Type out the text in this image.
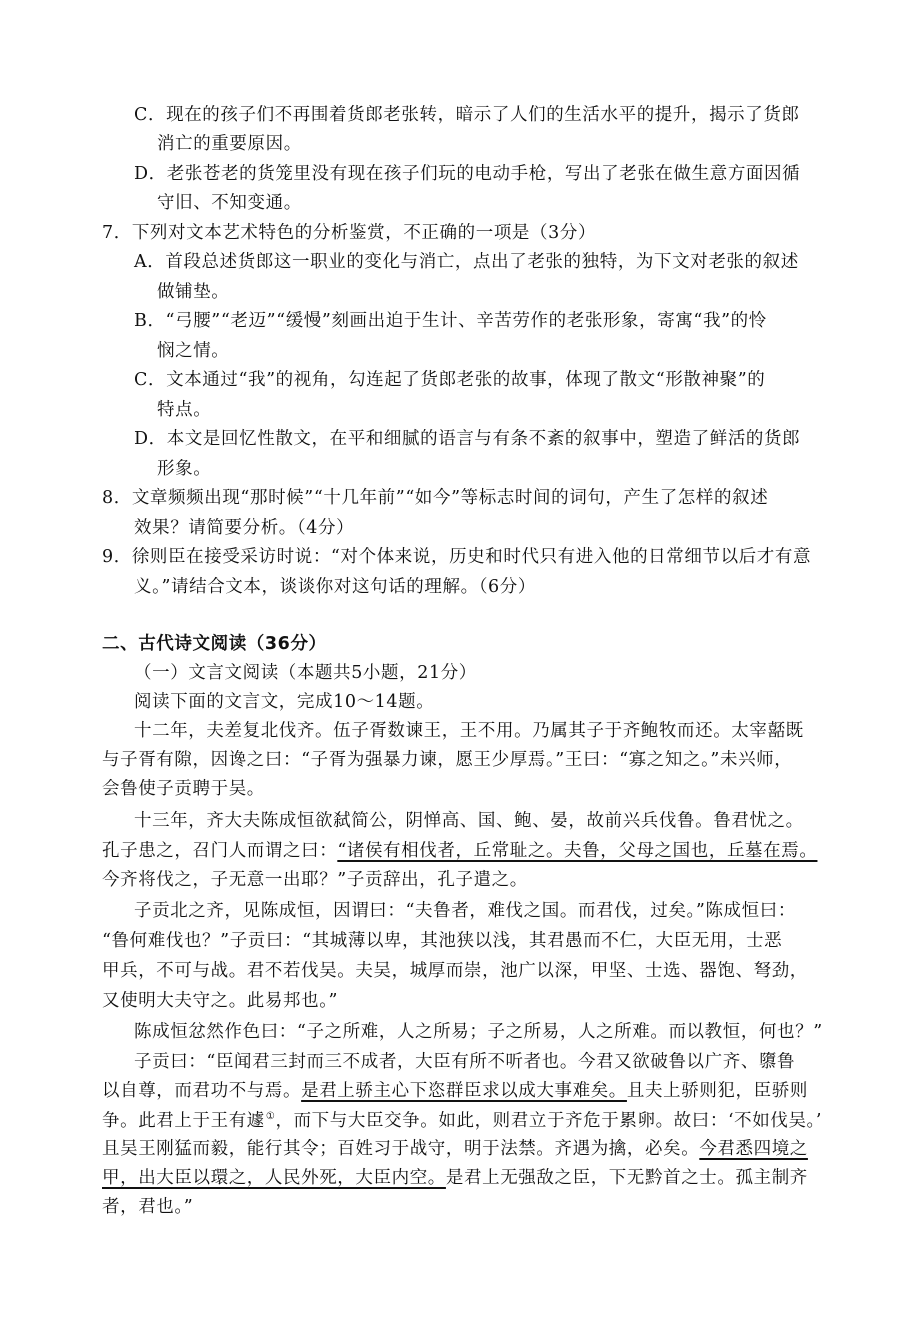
C．现在的孩子们不再围着货郎老张转，暗示了人们的生活水平的提升，揭示了货郎
消亡的重要原因。
D．老张苍老的货笼里没有现在孩子们玩的电动手枪，写出了老张在做生意方面因循
守旧、不知变通。
7．下列对文本艺术特色的分析鉴赏，不正确的一项是（3分）
A．首段总述货郎这一职业的变化与消亡，点出了老张的独特，为下文对老张的叙述
做铺垫。
B．“弓腰”“老迈”“缓慢”刻画出迫于生计、辛苦劳作的老张形象，寄寓“我”的怜
悯之情。
C．文本通过“我”的视角，勾连起了货郎老张的故事，体现了散文“形散神聚”的
特点。
D．本文是回忆性散文，在平和细腻的语言与有条不紊的叙事中，塑造了鲜活的货郎
形象。
8．文章频频出现“那时候”“十几年前”“如今”等标志时间的词句，产生了怎样的叙述
效果？请简要分析。（4分）
9．徐则臣在接受采访时说：“对个体来说，历史和时代只有进入他的日常细节以后才有意
义。”请结合文本，谈谈你对这句话的理解。（6分）
二、古代诗文阅读（36分）
（一）文言文阅读（本题共5小题，21分）
阅读下面的文言文，完成10～14题。
十二年，夫差复北伐齐。伍子胥数谏王，王不用。乃属其子于齐鲍牧而还。太宰嚭既
与子胥有隙，因谗之曰：“子胥为强暴力谏，愿王少厚焉。”王曰：“寡之知之。”未兴师，
会鲁使子贡聘于吴。
十三年，齐大夫陈成恒欲弑简公，阴惮高、国、鲍、晏，故前兴兵伐鲁。鲁君忧之。
孔子患之，召门人而谓之曰：“诸侯有相伐者，丘常耻之。夫鲁，父母之国也，丘墓在焉。
今齐将伐之，子无意一出耶？”子贡辞出，孔子遣之。
子贡北之齐，见陈成恒，因谓曰：“夫鲁者，难伐之国。而君伐，过矣。”陈成恒曰：
“鲁何难伐也？”子贡曰：“其城薄以卑，其池狭以浅，其君愚而不仁，大臣无用，士恶
甲兵，不可与战。君不若伐吴。夫吴，城厚而崇，池广以深，甲坚、士选、器饱、弩劲，
又使明大夫守之。此易邦也。”
陈成恒忿然作色曰：“子之所难，人之所易；子之所易，人之所难。而以教恒，何也？”
子贡曰：“臣闻君三封而三不成者，大臣有所不听者也。今君又欲破鲁以广齐、隳鲁
以自尊，而君功不与焉。是君上骄主心下恣群臣求以成大事难矣。且夫上骄则犯，臣骄则
争。此君上于王有遽①，而下与大臣交争。如此，则君立于齐危于累卵。故曰：‘不如伐吴。’
且吴王刚猛而毅，能行其令；百姓习于战守，明于法禁。齐遇为擒，必矣。今君悉四境之
甲，出大臣以環之，人民外死，大臣内空。是君上无强敌之臣，下无黔首之士。孤主制齐
者，君也。”
